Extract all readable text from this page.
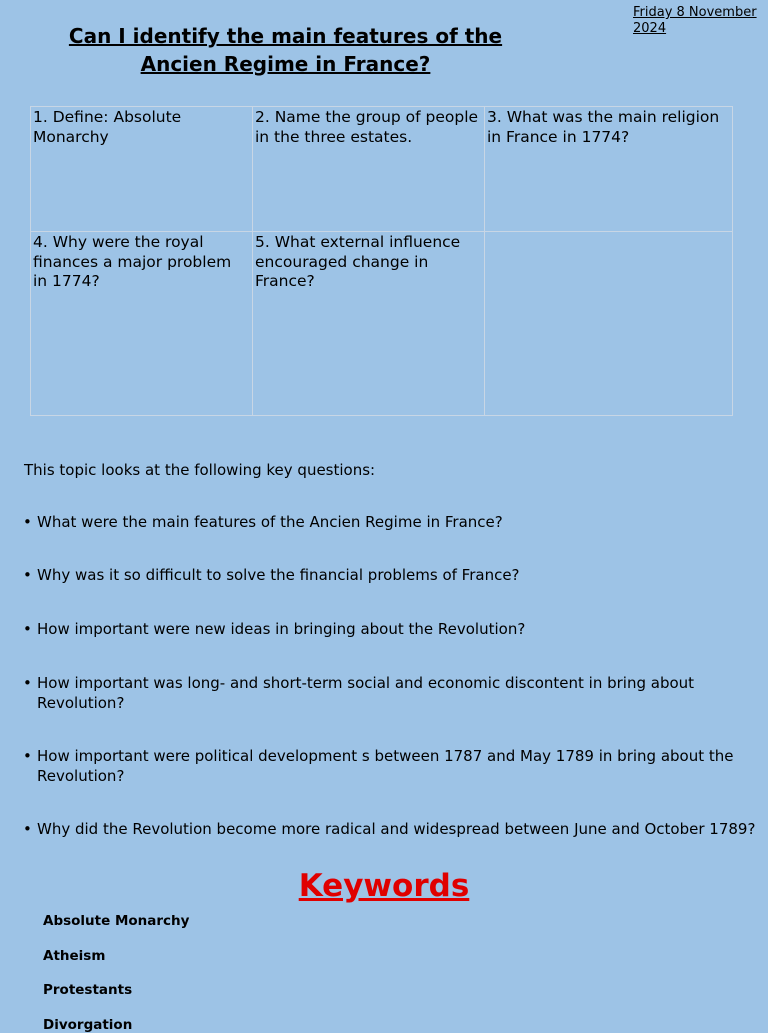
Friday 8 November 2024
Can I identify the main features of the Ancien Regime in France?
1. Define: Absolute Monarchy	2. Name the group of people in the three estates.	3. What was the main religion in France in 1774?
4. Why were the royal finances a major problem in 1774?	5. What external influence encouraged change in France?	
This topic looks at the following key questions:
• What were the main features of the Ancien Regime in France?
• Why was it so difficult to solve the financial problems of France?
• How important were new ideas in bringing about the Revolution?
• How important was long- and short-term social and economic discontent in bring about Revolution?
• How important were political development s between 1787 and May 1789 in bring about the Revolution?
• Why did the Revolution become more radical and widespread between June and October 1789?
Keywords
Absolute Monarchy
Atheism
Protestants
Divorgation
